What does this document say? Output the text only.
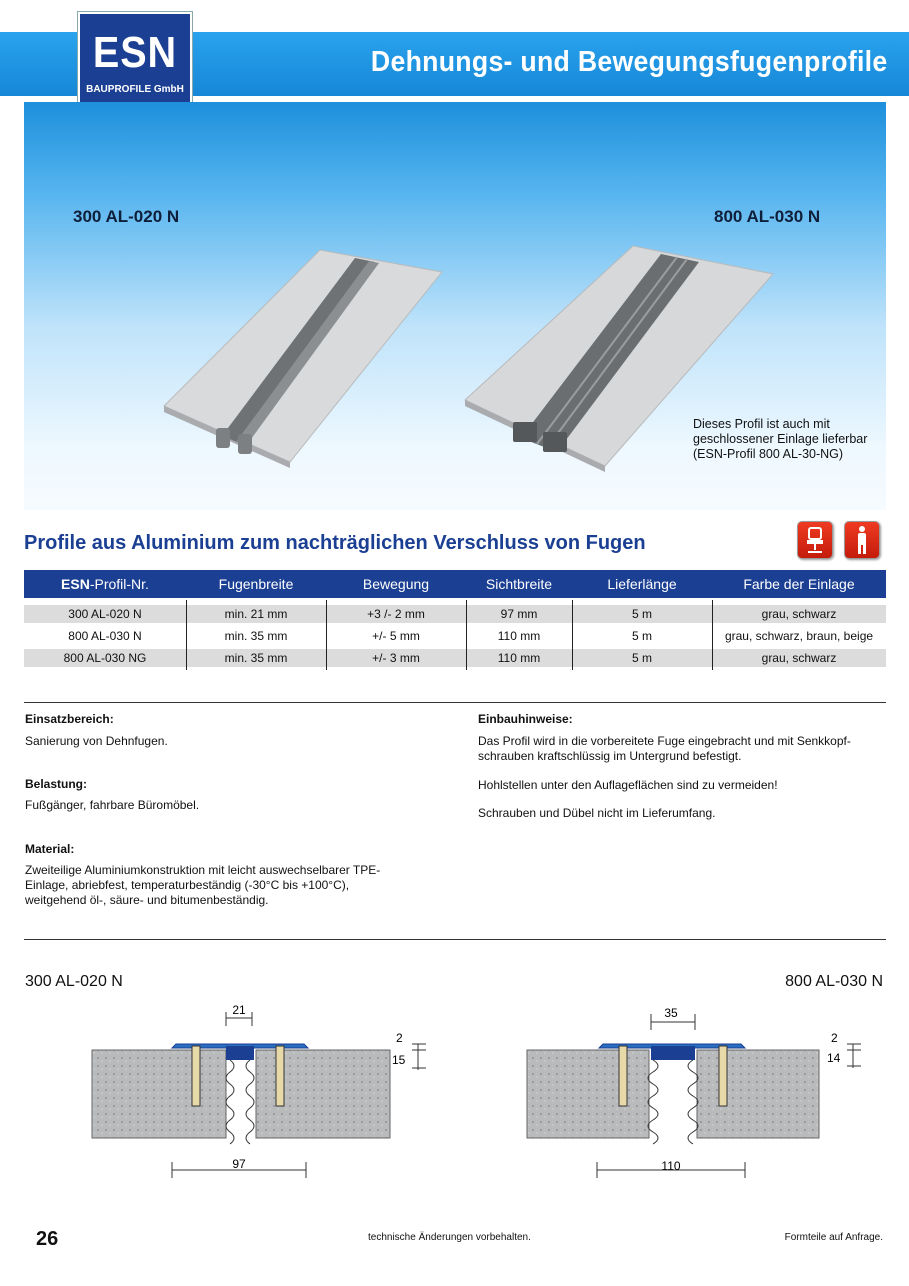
Dehnungs- und Bewegungsfugenprofile
ESN
BAUPROFILE GmbH
300 AL-020 N	800 AL-030 N
Dieses Profil ist auch mit
geschlossener Einlage lieferbar
(ESN-Profil 800 AL-30-NG)
Profile aus Aluminium zum nachträglichen Verschluss von Fugen
ESN-Profil-Nr.	Fugenbreite	Bewegung	Sichtbreite	Lieferlänge	Farbe der Einlage
300 AL-020 N	min. 21 mm	+3 /- 2 mm	97 mm	5 m	grau, schwarz
800 AL-030 N	min. 35 mm	+/- 5 mm	110 mm	5 m	grau, schwarz, braun, beige
800 AL-030 NG	min. 35 mm	+/- 3 mm	110 mm	5 m	grau, schwarz
Einsatzbereich:
Sanierung von Dehnfugen.
Belastung:
Fußgänger, fahrbare Büromöbel.
Material:
Zweiteilige Aluminiumkonstruktion mit leicht auswechselbarer TPE-
Einlage, abriebfest, temperaturbeständig (-30°C bis +100°C),
weitgehend öl-, säure- und bitumenbeständig.
Einbauhinweise:
Das Profil wird in die vorbereitete Fuge eingebracht und mit Senkkopf-
schrauben kraftschlüssig im Untergrund befestigt.
Hohlstellen unter den Auflageflächen sind zu vermeiden!
Schrauben und Dübel nicht im Lieferumfang.
300 AL-020 N	800 AL-030 N
21
97
2
15
35
110
2
14
26	technische Änderungen vorbehalten.	Formteile auf Anfrage.
